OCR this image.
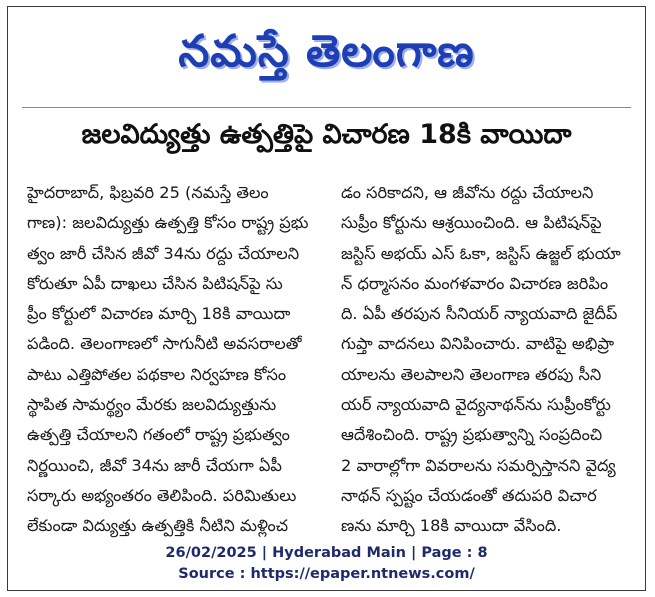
నమస్తే తెలంగాణ
జలవిద్యుత్తు ఉత్పత్తిపై విచారణ 18కి వాయిదా
హైదరాబాద్, ఫిబ్రవరి 25 (నమస్తే తెలం
గాణ): జలవిద్యుత్తు ఉత్పత్తి కోసం రాష్ట్ర ప్రభు
త్వం జారీ చేసిన జీవో 34ను రద్దు చేయాలని
కోరుతూ ఏపీ దాఖలు చేసిన పిటిషన్‌పై సు
ప్రీం కోర్టులో విచారణ మార్చి 18కి వాయిదా
పడింది. తెలంగాణలో సాగునీటి అవసరాలతో
పాటు ఎత్తిపోతల పథకాల నిర్వహణ కోసం
స్థాపిత సామర్థ్యం మేరకు జలవిద్యుత్తును
ఉత్పత్తి చేయాలని గతంలో రాష్ట్ర ప్రభుత్వం
నిర్ణయించి, జీవో 34ను జారీ చేయగా ఏపీ
సర్కారు అభ్యంతరం తెలిపింది. పరిమితులు
లేకుండా విద్యుత్తు ఉత్పత్తికి నీటిని మళ్లించ
డం సరికాదని, ఆ జీవోను రద్దు చేయాలని
సుప్రీం కోర్టును ఆశ్రయించింది. ఆ పిటిషన్‌పై
జస్టిస్ అభయ్ ఎస్ ఓకా, జస్టిస్ ఉజ్జల్ భుయా
న్ ధర్మాసనం మంగళవారం విచారణ జరిపిం
ది. ఏపీ తరపున సీనియర్ న్యాయవాది జైదీప్
గుప్తా వాదనలు వినిపించారు. వాటిపై అభిప్రా
యాలను తెలపాలని తెలంగాణ తరపు సీని
యర్ న్యాయవాది వైద్యనాథన్‌ను సుప్రీంకోర్టు
ఆదేశించింది. రాష్ట్ర ప్రభుత్వాన్ని సంప్రదించి
2 వారాల్లోగా వివరాలను సమర్పిస్తానని వైద్య
నాథన్ స్పష్టం చేయడంతో తదుపరి విచార
ణను మార్చి 18కి వాయిదా వేసింది.
26/02/2025 | Hyderabad Main | Page : 8
Source : https://epaper.ntnews.com/
